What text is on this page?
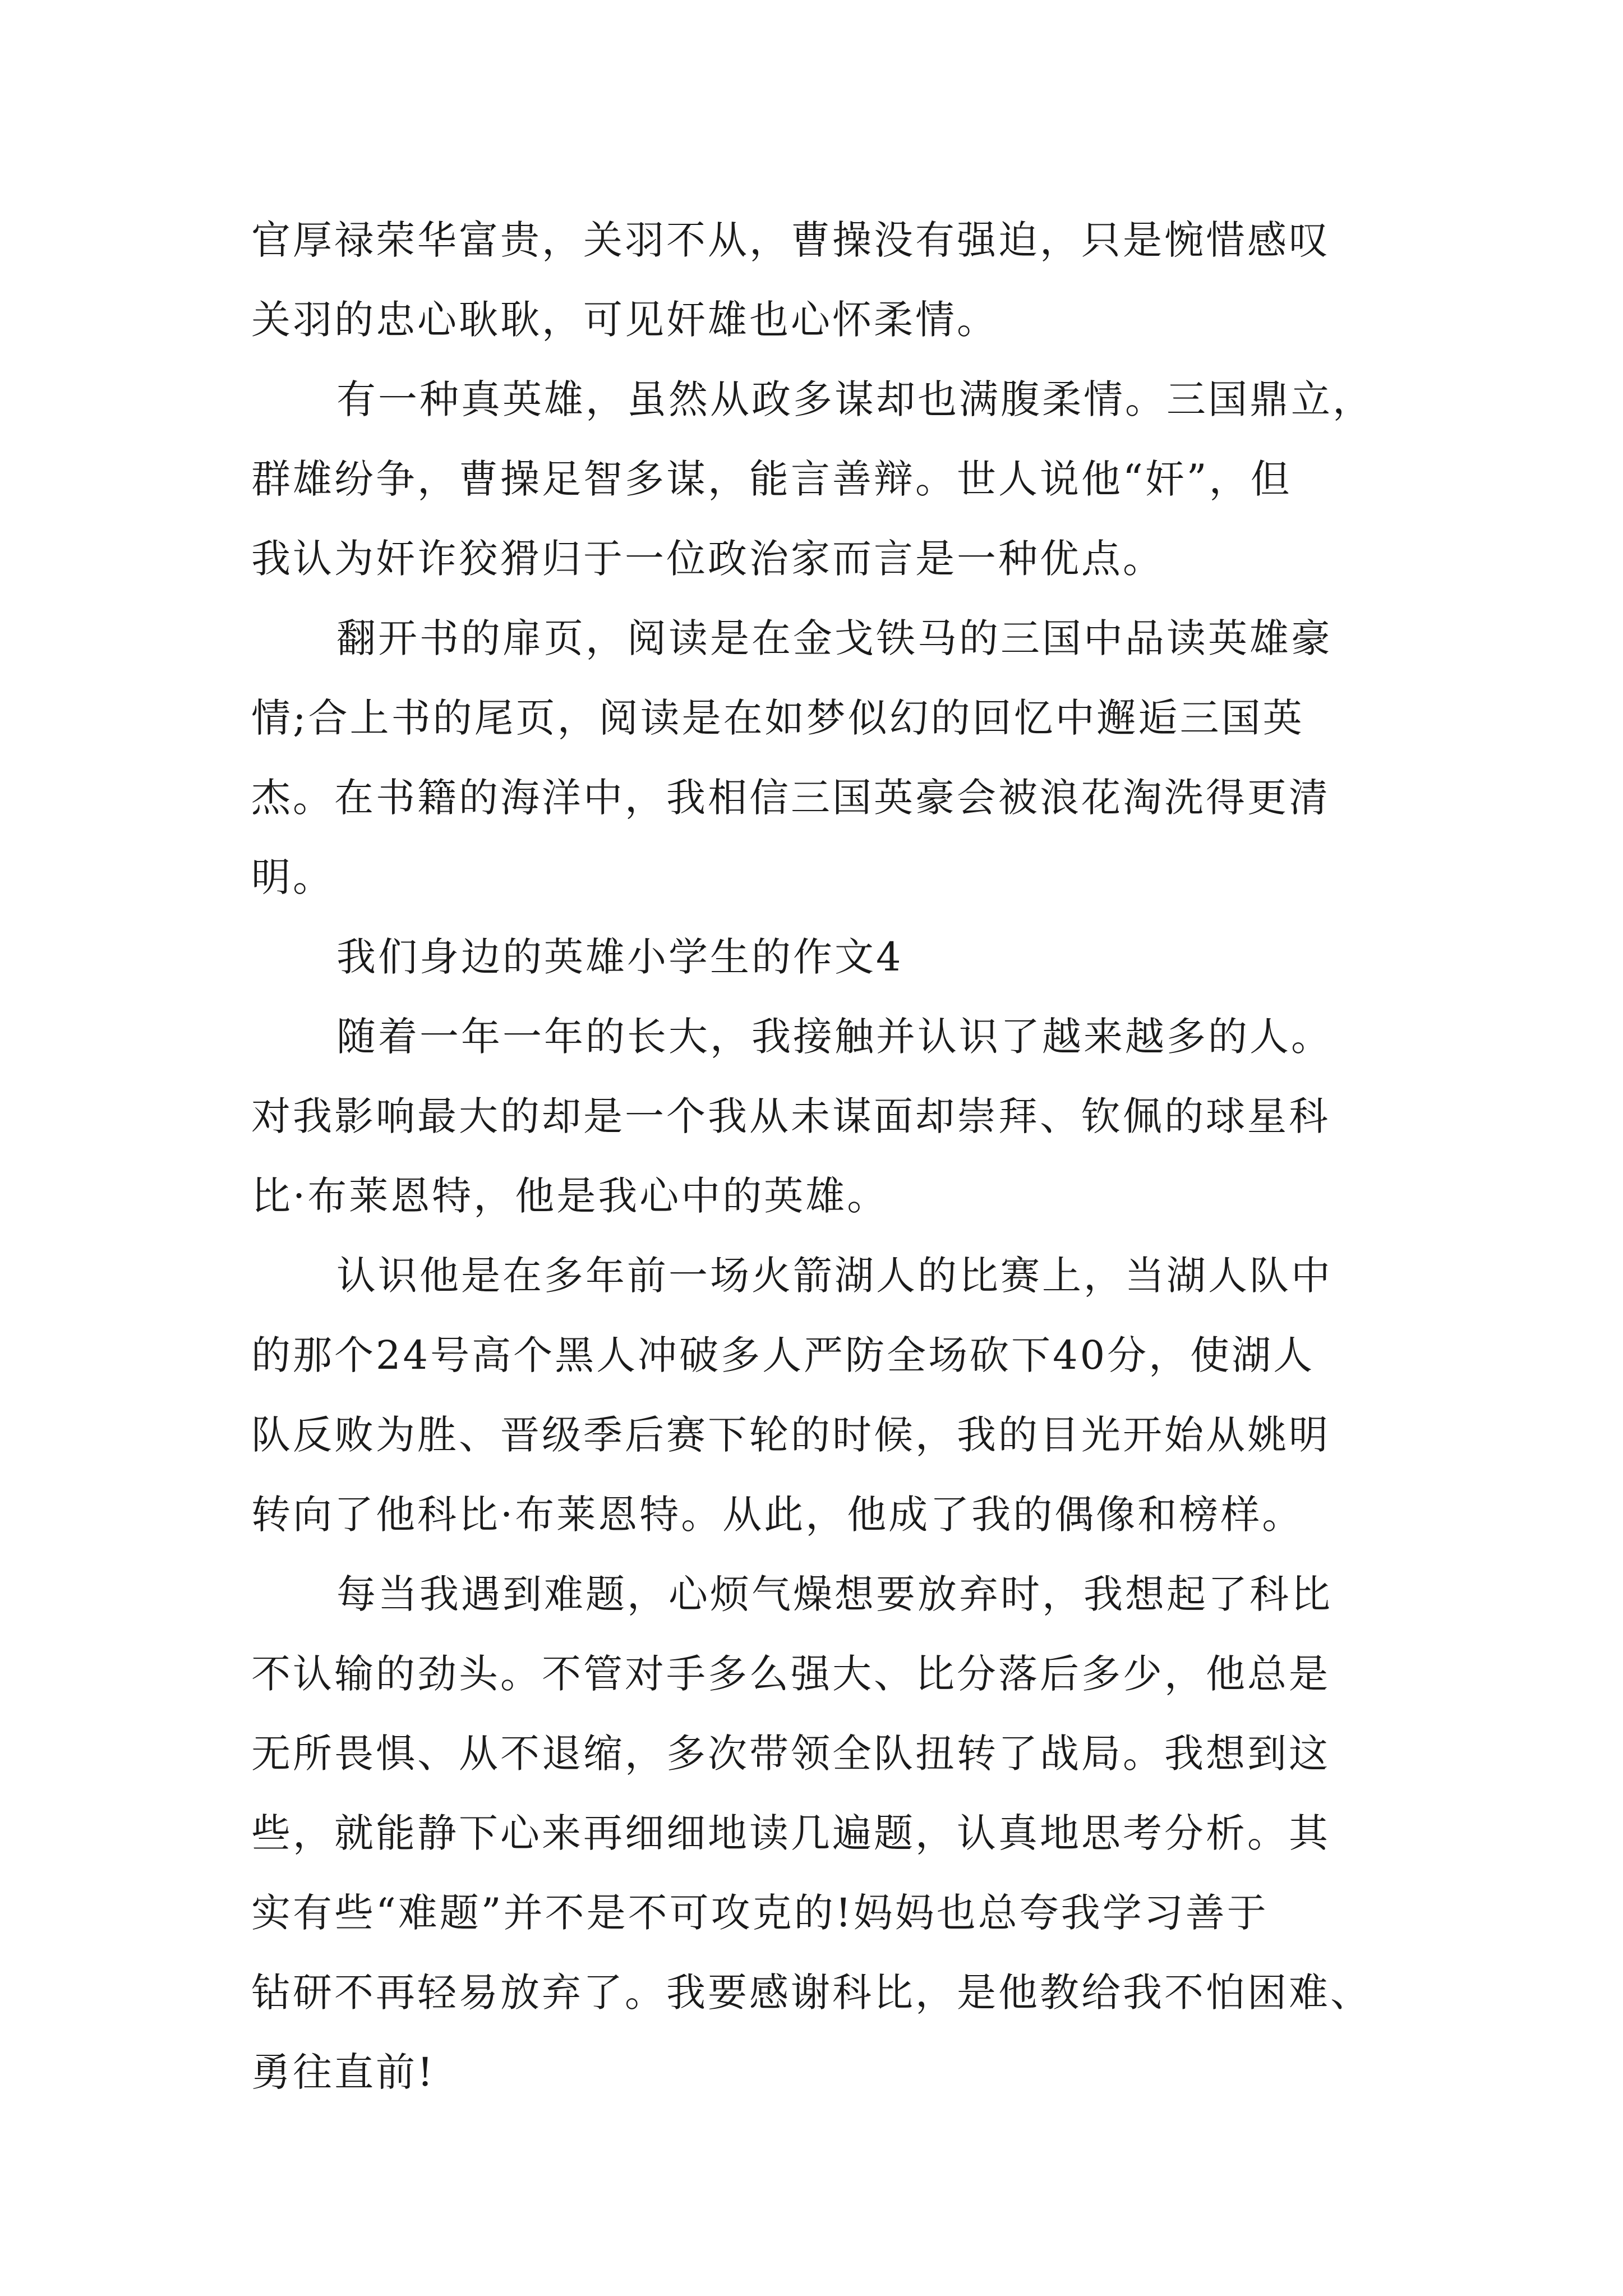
官厚禄荣华富贵，关羽不从，曹操没有强迫，只是惋惜感叹
关羽的忠心耿耿，可见奸雄也心怀柔情。
有一种真英雄，虽然从政多谋却也满腹柔情。三国鼎立，
群雄纷争，曹操足智多谋，能言善辩。世人说他“奸”，但
我认为奸诈狡猾归于一位政治家而言是一种优点。
翻开书的扉页，阅读是在金戈铁马的三国中品读英雄豪
情;合上书的尾页，阅读是在如梦似幻的回忆中邂逅三国英
杰。在书籍的海洋中，我相信三国英豪会被浪花淘洗得更清
明。
我们身边的英雄小学生的作文4
随着一年一年的长大，我接触并认识了越来越多的人。
对我影响最大的却是一个我从未谋面却崇拜、钦佩的球星科
比·布莱恩特，他是我心中的英雄。
认识他是在多年前一场火箭湖人的比赛上，当湖人队中
的那个24号高个黑人冲破多人严防全场砍下40分，使湖人
队反败为胜、晋级季后赛下轮的时候，我的目光开始从姚明
转向了他科比·布莱恩特。从此，他成了我的偶像和榜样。
每当我遇到难题，心烦气燥想要放弃时，我想起了科比
不认输的劲头。不管对手多么强大、比分落后多少，他总是
无所畏惧、从不退缩，多次带领全队扭转了战局。我想到这
些，就能静下心来再细细地读几遍题，认真地思考分析。其
实有些“难题”并不是不可攻克的!妈妈也总夸我学习善于
钻研不再轻易放弃了。我要感谢科比，是他教给我不怕困难、
勇往直前!
